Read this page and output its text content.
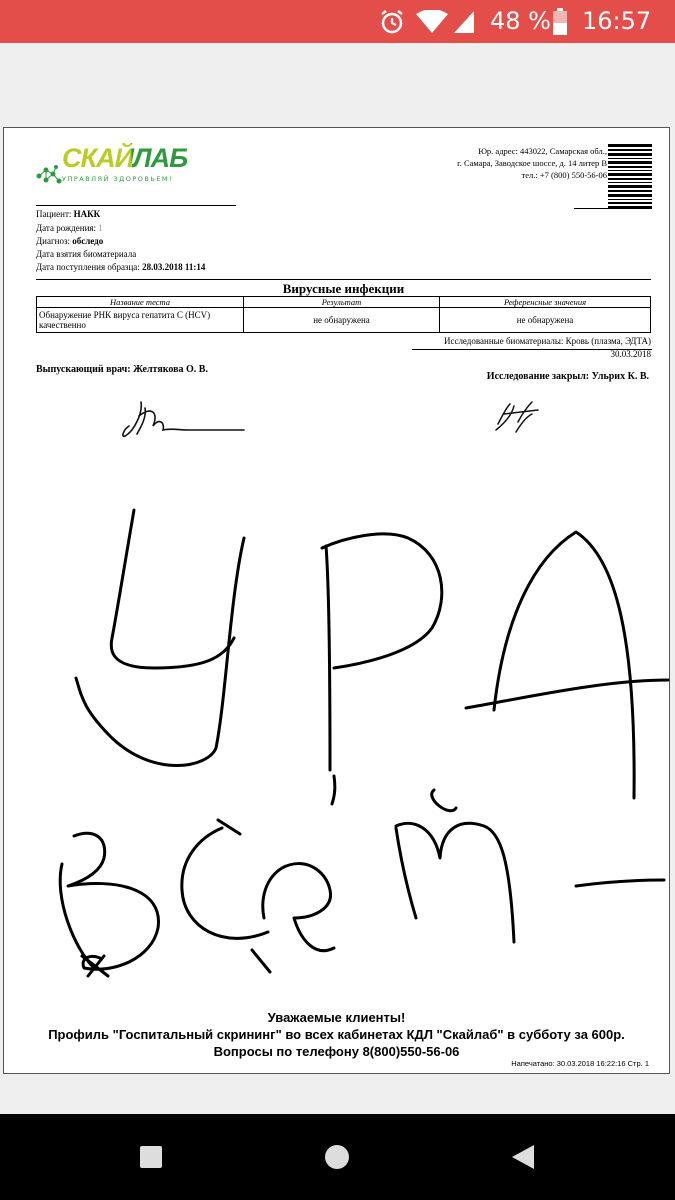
48 % 16:57
СКАЙЛАБ
УПРАВЛЯЙ ЗДОРОВЬЕМ!
Юр. адрес: 443022, Самарская обл.,
г. Самара, Заводское шоссе, д. 14 литер В
тел.: +7 (800) 550-56-06
Пациент: НАКК
Дата рождения: 1
Диагноз: обследо
Дата взятия биоматериала
Дата поступления образца: 28.03.2018 11:14
Вирусные инфекции
Название теста	Результат	Референсные значения
Обнаружение РНК вируса гепатита С (HCV) качественно	не обнаружена	не обнаружена
Исследованные биоматериалы: Кровь (плазма, ЭДТА)
30.03.2018
Выпускающий врач: Желтякова О. В.
Исследование закрыл: Ульрих К. В.
Уважаемые клиенты!
Профиль "Госпитальный скрининг" во всех кабинетах КДЛ "Скайлаб" в субботу за 600р.
Вопросы по телефону 8(800)550-56-06
Напечатано: 30.03.2018 16:22:16 Стр. 1
